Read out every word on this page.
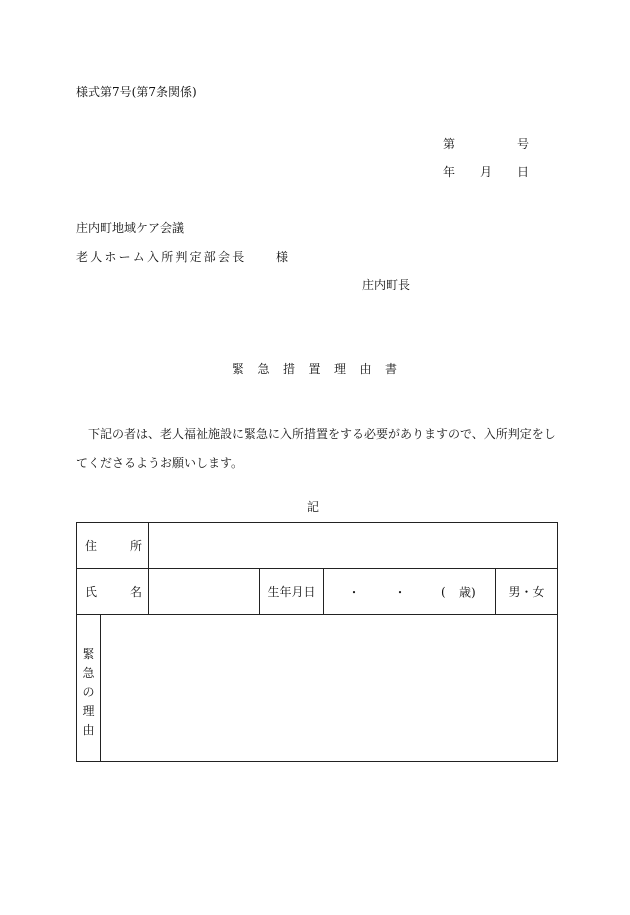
様式第7号(第7条関係)
第	号
年 月 日
庄内町地域ケア会議
老人ホーム入所判定部会長 様
庄内町長
緊急措置理由書
下記の者は、老人福祉施設に緊急に入所措置をする必要がありますので、入所判定をしてくださるようお願いします。
記
住 所					

氏 名			生年月日	・ ・ ( 歳)	男・女

緊
急
の
理
由					
